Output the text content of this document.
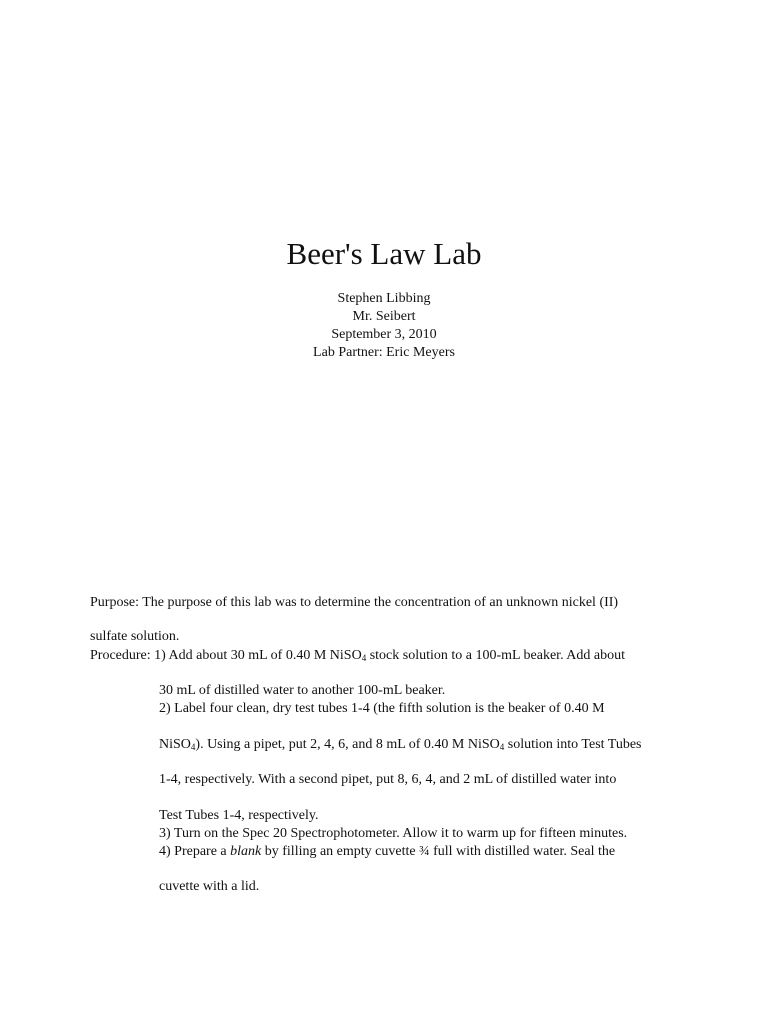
Beer's Law Lab
Stephen Libbing
Mr. Seibert
September 3, 2010
Lab Partner: Eric Meyers

Purpose: The purpose of this lab was to determine the concentration of an unknown nickel (II)

sulfate solution.

Procedure: 1) Add about 30 mL of 0.40 M NiSO$_4$ stock solution to a 100-mL beaker. Add about

30 mL of distilled water to another 100-mL beaker.

2) Label four clean, dry test tubes 1-4 (the fifth solution is the beaker of 0.40 M

NiSO$_4$). Using a pipet, put 2, 4, 6, and 8 mL of 0.40 M NiSO$_4$ solution into Test Tubes

1-4, respectively. With a second pipet, put 8, 6, 4, and 2 mL of distilled water into

Test Tubes 1-4, respectively.

3) Turn on the Spec 20 Spectrophotometer. Allow it to warm up for fifteen minutes.

4) Prepare a blank by filling an empty cuvette ¾ full with distilled water. Seal the

cuvette with a lid.
